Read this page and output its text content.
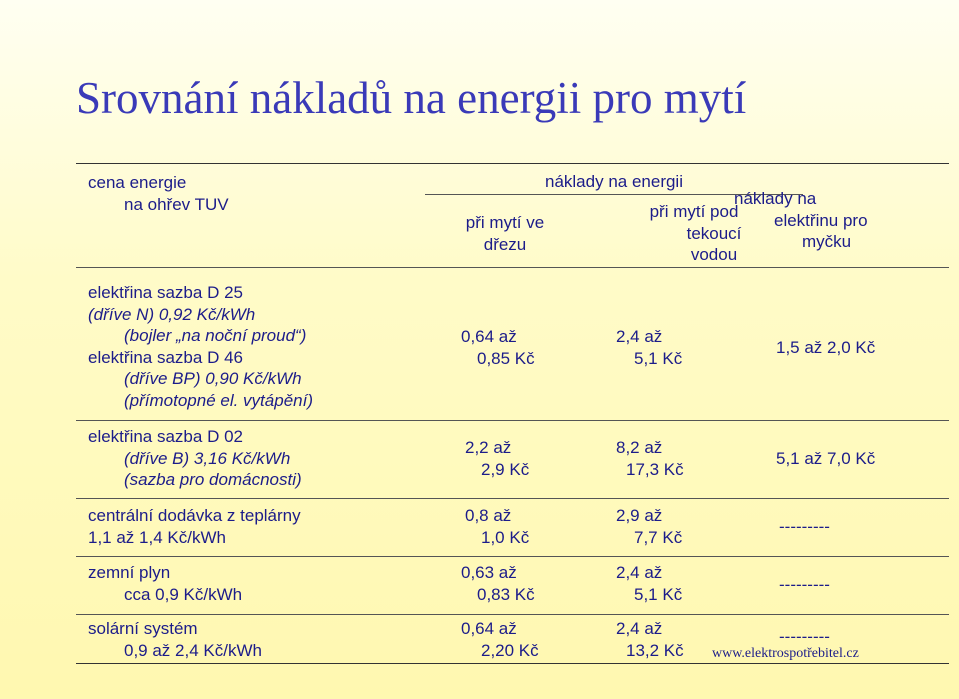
Srovnání nákladů na energii pro mytí
cena energie
na ohřev TUV
náklady na energii
při mytí ve
dřezu
při mytí pod
tekoucí
vodou
náklady na
elektřinu pro
myčku
elektřina sazba D 25
(dříve N) 0,92 Kč/kWh
(bojler „na noční proud“)
elektřina sazba D 46
(dříve BP) 0,90 Kč/kWh
(přímotopné el. vytápění)
0,64 až
0,85 Kč
2,4 až
5,1 Kč
1,5 až 2,0 Kč
elektřina sazba D 02
(dříve B) 3,16 Kč/kWh
(sazba pro domácnosti)
2,2 až
2,9 Kč
8,2 až
17,3 Kč
5,1 až 7,0 Kč
centrální dodávka z teplárny
1,1 až 1,4 Kč/kWh
0,8 až
1,0 Kč
2,9 až
7,7 Kč
---------
zemní plyn
cca 0,9 Kč/kWh
0,63 až
0,83 Kč
2,4 až
5,1 Kč	---------
solární systém
0,9 až 2,4 Kč/kWh
0,64 až
2,20 Kč
2,4 až
13,2 Kč
---------
www.elektrospotřebitel.cz
